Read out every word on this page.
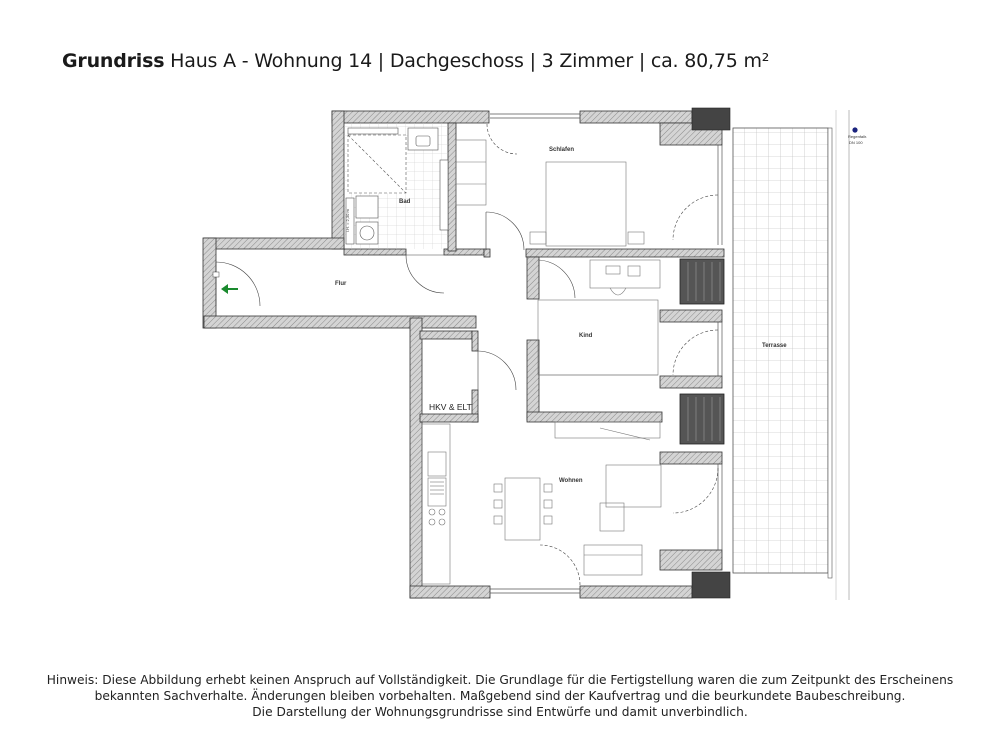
Grundriss Haus A - Wohnung 14 | Dachgeschoss | 3 Zimmer | ca. 80,75 m²
Regenfallr.
DN 100
l.H. = 2,30 m
Schlafen
Bad
Flur
Kind
Terrasse
Wohnen
HKV & ELT
Hinweis: Diese Abbildung erhebt keinen Anspruch auf Vollständigkeit. Die Grundlage für die Fertigstellung waren die zum Zeitpunkt des Erscheinens
bekannten Sachverhalte. Änderungen bleiben vorbehalten. Maßgebend sind der Kaufvertrag und die beurkundete Baubeschreibung.
Die Darstellung der Wohnungsgrundrisse sind Entwürfe und damit unverbindlich.
